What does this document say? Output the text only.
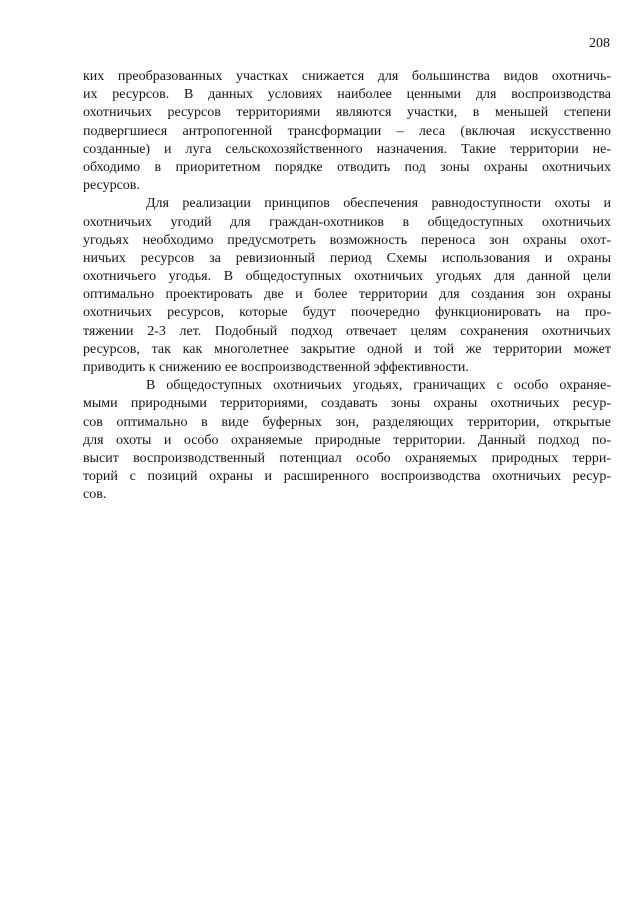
208
ких преобразованных участках снижается для большинства видов охотничь-
их ресурсов. В данных условиях наиболее ценными для воспроизводства
охотничьих ресурсов территориями являются участки, в меньшей степени
подвергшиеся антропогенной трансформации – леса (включая искусственно
созданные) и луга сельскохозяйственного назначения. Такие территории не-
обходимо в приоритетном порядке отводить под зоны охраны охотничьих
ресурсов.
Для реализации принципов обеспечения равнодоступности охоты и
охотничьих угодий для граждан-охотников в общедоступных охотничьих
угодьях необходимо предусмотреть возможность переноса зон охраны охот-
ничьих ресурсов за ревизионный период Схемы использования и охраны
охотничьего угодья. В общедоступных охотничьих угодьях для данной цели
оптимально проектировать две и более территории для создания зон охраны
охотничьих ресурсов, которые будут поочередно функционировать на про-
тяжении 2-3 лет. Подобный подход отвечает целям сохранения охотничьих
ресурсов, так как многолетнее закрытие одной и той же территории может
приводить к снижению ее воспроизводственной эффективности.
В общедоступных охотничьих угодьях, граничащих с особо охраняе-
мыми природными территориями, создавать зоны охраны охотничьих ресур-
сов оптимально в виде буферных зон, разделяющих территории, открытые
для охоты и особо охраняемые природные территории. Данный подход по-
высит воспроизводственный потенциал особо охраняемых природных терри-
торий с позиций охраны и расширенного воспроизводства охотничьих ресур-
сов.
